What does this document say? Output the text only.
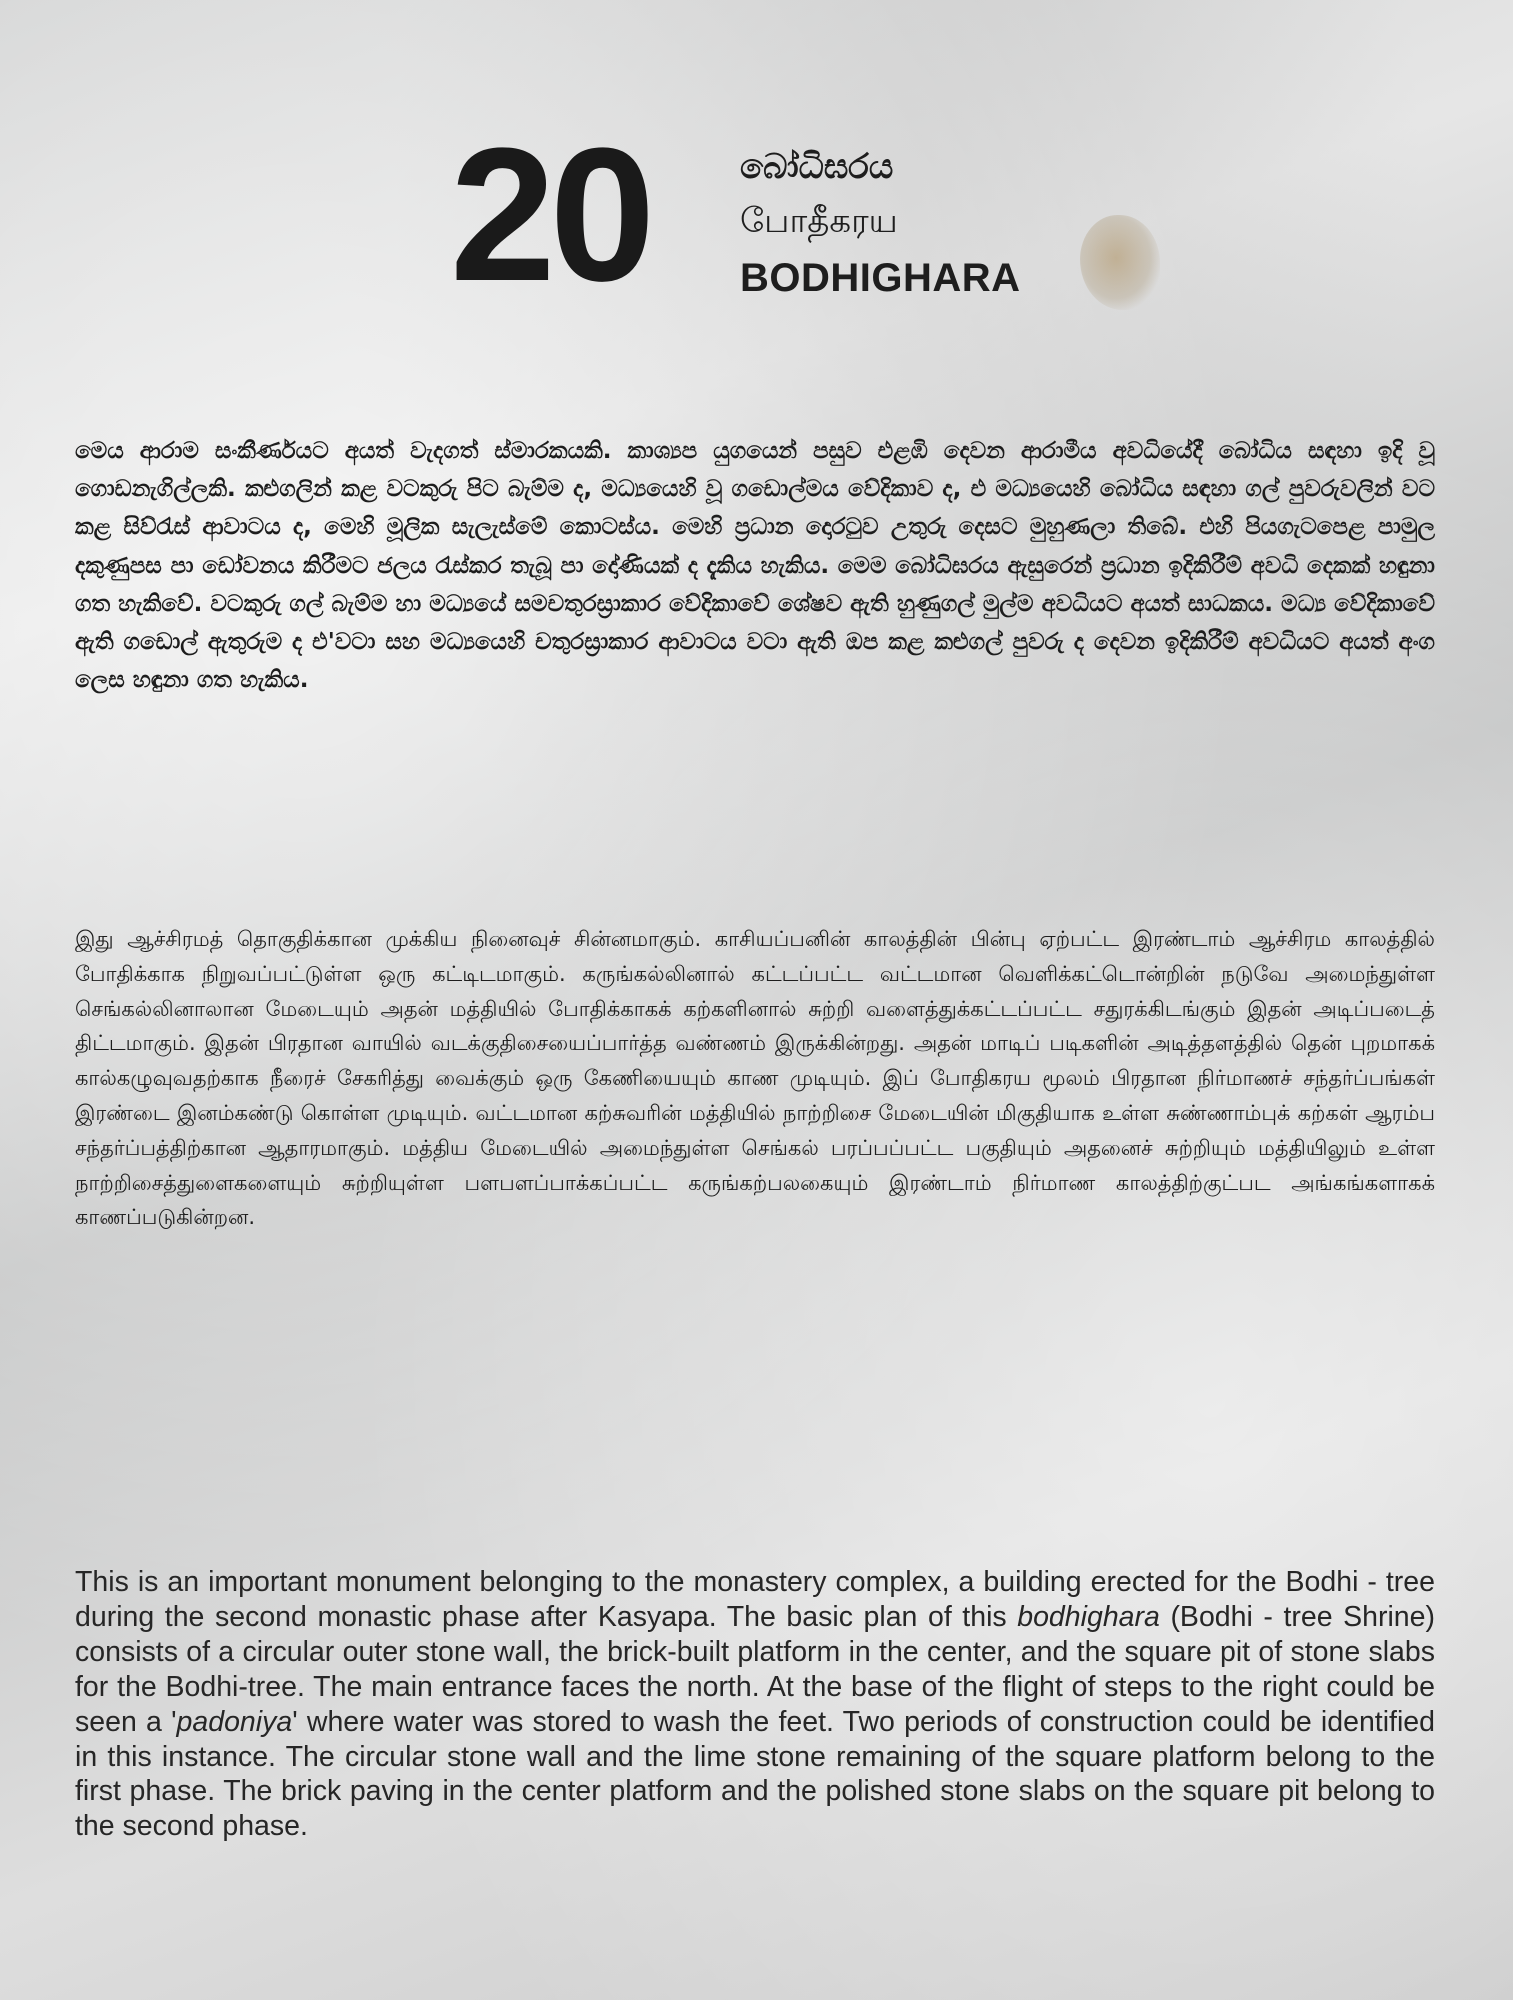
20	බෝධිඝරය
போதீகரய
BODHIGHARA

මෙය ආරාම සංකීර්ණයට අයත් වැදගත් ස්මාරකයකි. කාශ්‍යප යුගයෙන් පසුව එළඹි දෙවන ආරාමීය අවධියේදී බෝධිය සඳහා ඉදි වූ ගොඩනැගිල්ලකි. කළුගලින් කළ වටකුරු පිට බැම්ම ද, මධ්‍යයෙහි වූ ගඩොල්මය වේදිකාව ද, එ මධ්‍යයෙහි බෝධිය සඳහා ගල් පුවරුවලින් වට කළ සිව්රැස් ආවාටය ද, මෙහි මූලික සැලැස්මේ කොටස්ය. මෙහි ප්‍රධාන දොරටුව උතුරු දෙසට මුහුණලා තිබේ. එහි පියගැටපෙළ පාමුල දකුණුපස පා ඩෝවනය කිරීමට ජලය රැස්කර තැබූ පා දෝණියක් ද දැකිය හැකිය. මෙම බෝධිඝරය ඇසුරෙන් ප්‍රධාන ඉදිකිරීම් අවධි දෙකක් හඳුනා ගත හැකිවේ. වටකුරු ගල් බැම්ම හා මධ්‍යයේ සමචතුරස්‍රාකාර වේදිකාවේ ශේෂව ඇති හුණුගල් මුල්ම අවධියට අයත් සාධකය. මධ්‍ය වේදිකාවේ ඇති ගඩොල් ඇතුරුම ද එ'වටා සහ මධ්‍යයෙහි චතුරස්‍රාකාර ආවාටය වටා ඇති ඔප කළ කළුගල් පුවරු ද දෙවන ඉදිකිරීම් අවධියට අයත් අංග ලෙස හඳුනා ගත හැකිය.

இது ஆச்சிரமத் தொகுதிக்கான முக்கிய நினைவுச் சின்னமாகும். காசியப்பனின் காலத்தின் பின்பு ஏற்பட்ட இரண்டாம் ஆச்சிரம காலத்தில் போதிக்காக நிறுவப்பட்டுள்ள ஒரு கட்டிடமாகும். கருங்கல்லினால் கட்டப்பட்ட வட்டமான வெளிக்கட்டொன்றின் நடுவே அமைந்துள்ள செங்கல்லினாலான மேடையும் அதன் மத்தியில் போதிக்காகக் கற்களினால் சுற்றி வளைத்துக்கட்டப்பட்ட சதுரக்கிடங்கும் இதன் அடிப்படைத் திட்டமாகும். இதன் பிரதான வாயில் வடக்குதிசையைப்பார்த்த வண்ணம் இருக்கின்றது. அதன் மாடிப் படிகளின் அடித்தளத்தில் தென் புறமாகக் கால்கழுவுவதற்காக நீரைச் சேகரித்து வைக்கும் ஒரு கேணியையும் காண முடியும். இப் போதிகரய மூலம் பிரதான நிர்மாணச் சந்தர்ப்பங்கள் இரண்டை இனம்கண்டு கொள்ள முடியும். வட்டமான கற்சுவரின் மத்தியில் நாற்றிசை மேடையின் மிகுதியாக உள்ள சுண்ணாம்புக் கற்கள் ஆரம்ப சந்தர்ப்பத்திற்கான ஆதாரமாகும். மத்திய மேடையில் அமைந்துள்ள செங்கல் பரப்பப்பட்ட பகுதியும் அதனைச் சுற்றியும் மத்தியிலும் உள்ள நாற்றிசைத்துளைகளையும் சுற்றியுள்ள பளபளப்பாக்கப்பட்ட கருங்கற்பலகையும் இரண்டாம் நிர்மாண காலத்திற்குட்பட அங்கங்களாகக் காணப்படுகின்றன.

This is an important monument belonging to the monastery complex, a building erected for the Bodhi - tree during the second monastic phase after Kasyapa. The basic plan of this bodhighara (Bodhi - tree Shrine) consists of a circular outer stone wall, the brick-built platform in the center, and the square pit of stone slabs for the Bodhi-tree. The main entrance faces the north. At the base of the flight of steps to the right could be seen a 'padoniya' where water was stored to wash the feet. Two periods of construction could be identified in this instance. The circular stone wall and the lime stone remaining of the square platform belong to the first phase. The brick paving in the center platform and the polished stone slabs on the square pit belong to the second phase.
